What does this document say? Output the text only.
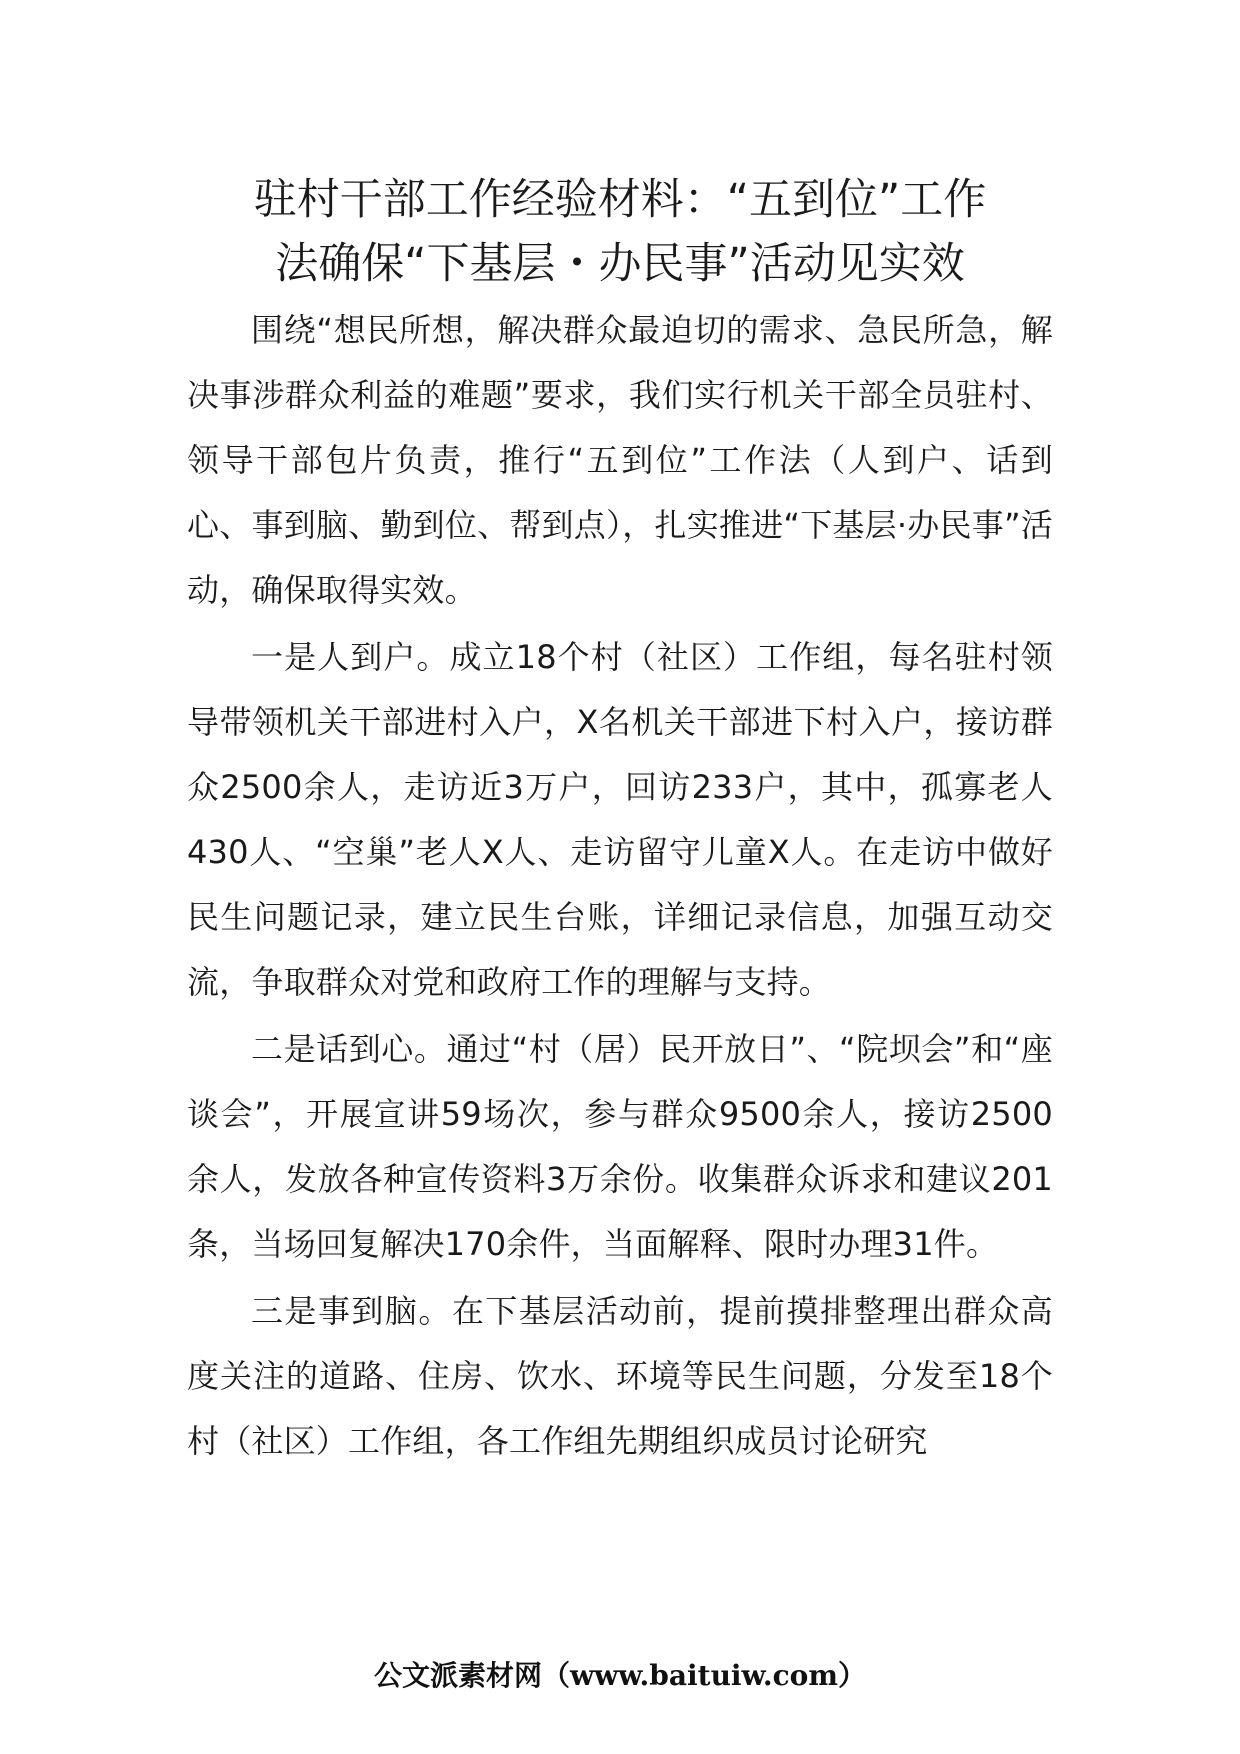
驻村干部工作经验材料：“五到位”工作
法确保“下基层・办民事”活动见实效

围绕“想民所想，解决群众最迫切的需求、急民所急，解决事涉群众利益的难题”要求，我们实行机关干部全员驻村、领导干部包片负责，推行“五到位”工作法（人到户、话到心、事到脑、勤到位、帮到点），扎实推进“下基层·办民事”活动，确保取得实效。

一是人到户。成立18个村（社区）工作组，每名驻村领导带领机关干部进村入户，X名机关干部进下村入户，接访群众2500余人，走访近3万户，回访233户，其中，孤寡老人430人、“空巢”老人X人、走访留守儿童X人。在走访中做好民生问题记录，建立民生台账，详细记录信息，加强互动交流，争取群众对党和政府工作的理解与支持。

二是话到心。通过“村（居）民开放日”、“院坝会”和“座谈会”，开展宣讲59场次，参与群众9500余人，接访2500余人，发放各种宣传资料3万余份。收集群众诉求和建议201条，当场回复解决170余件，当面解释、限时办理31件。

三是事到脑。在下基层活动前，提前摸排整理出群众高度关注的道路、住房、饮水、环境等民生问题，分发至18个村（社区）工作组，各工作组先期组织成员讨论研究

公文派素材网（www.baituiw.com）
